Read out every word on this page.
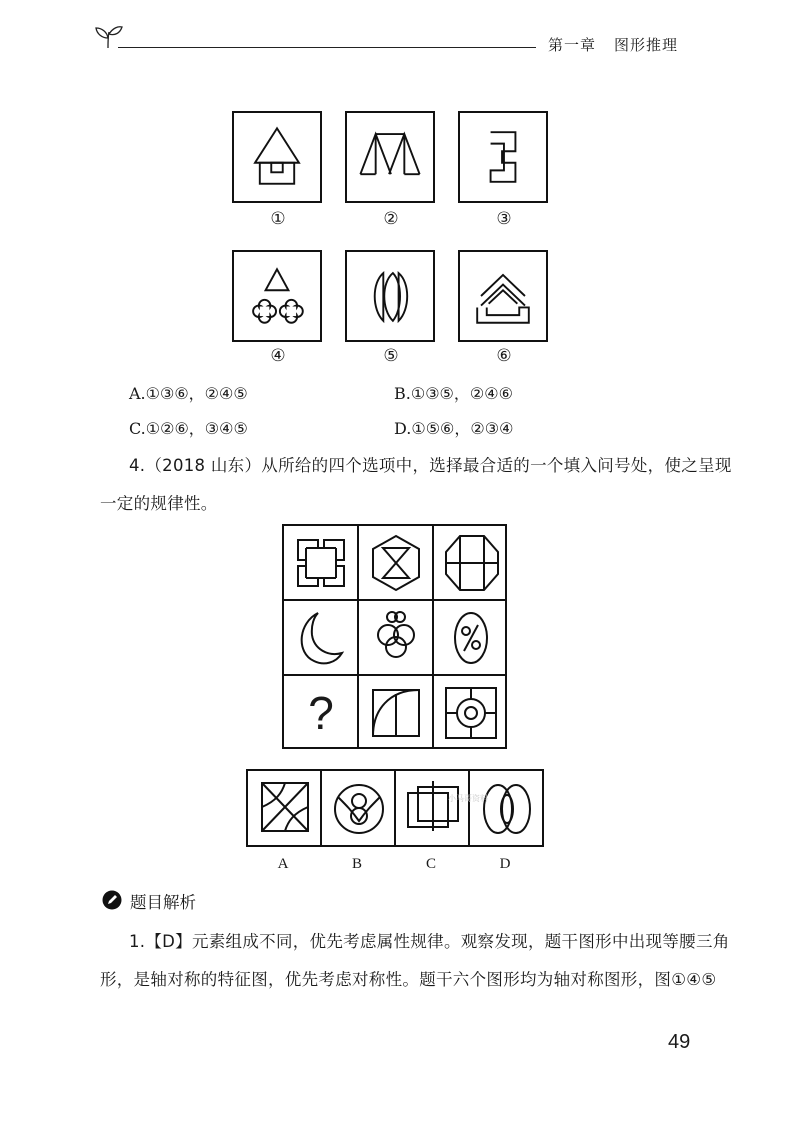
第一章 图形推理
①	②	③
④	⑤	⑥
A.①③⑥，②④⑤	B.①③⑤，②④⑥
C.①②⑥，③④⑤	D.①⑤⑥，②③④
4.（2018 山东）从所给的四个选项中，选择最合适的一个填入问号处，使之呈现
一定的规律性。
?
小马哥资料
A	B	C	D
题目解析
1.【D】元素组成不同，优先考虑属性规律。观察发现，题干图形中出现等腰三角
形，是轴对称的特征图，优先考虑对称性。题干六个图形均为轴对称图形，图①④⑤
49
